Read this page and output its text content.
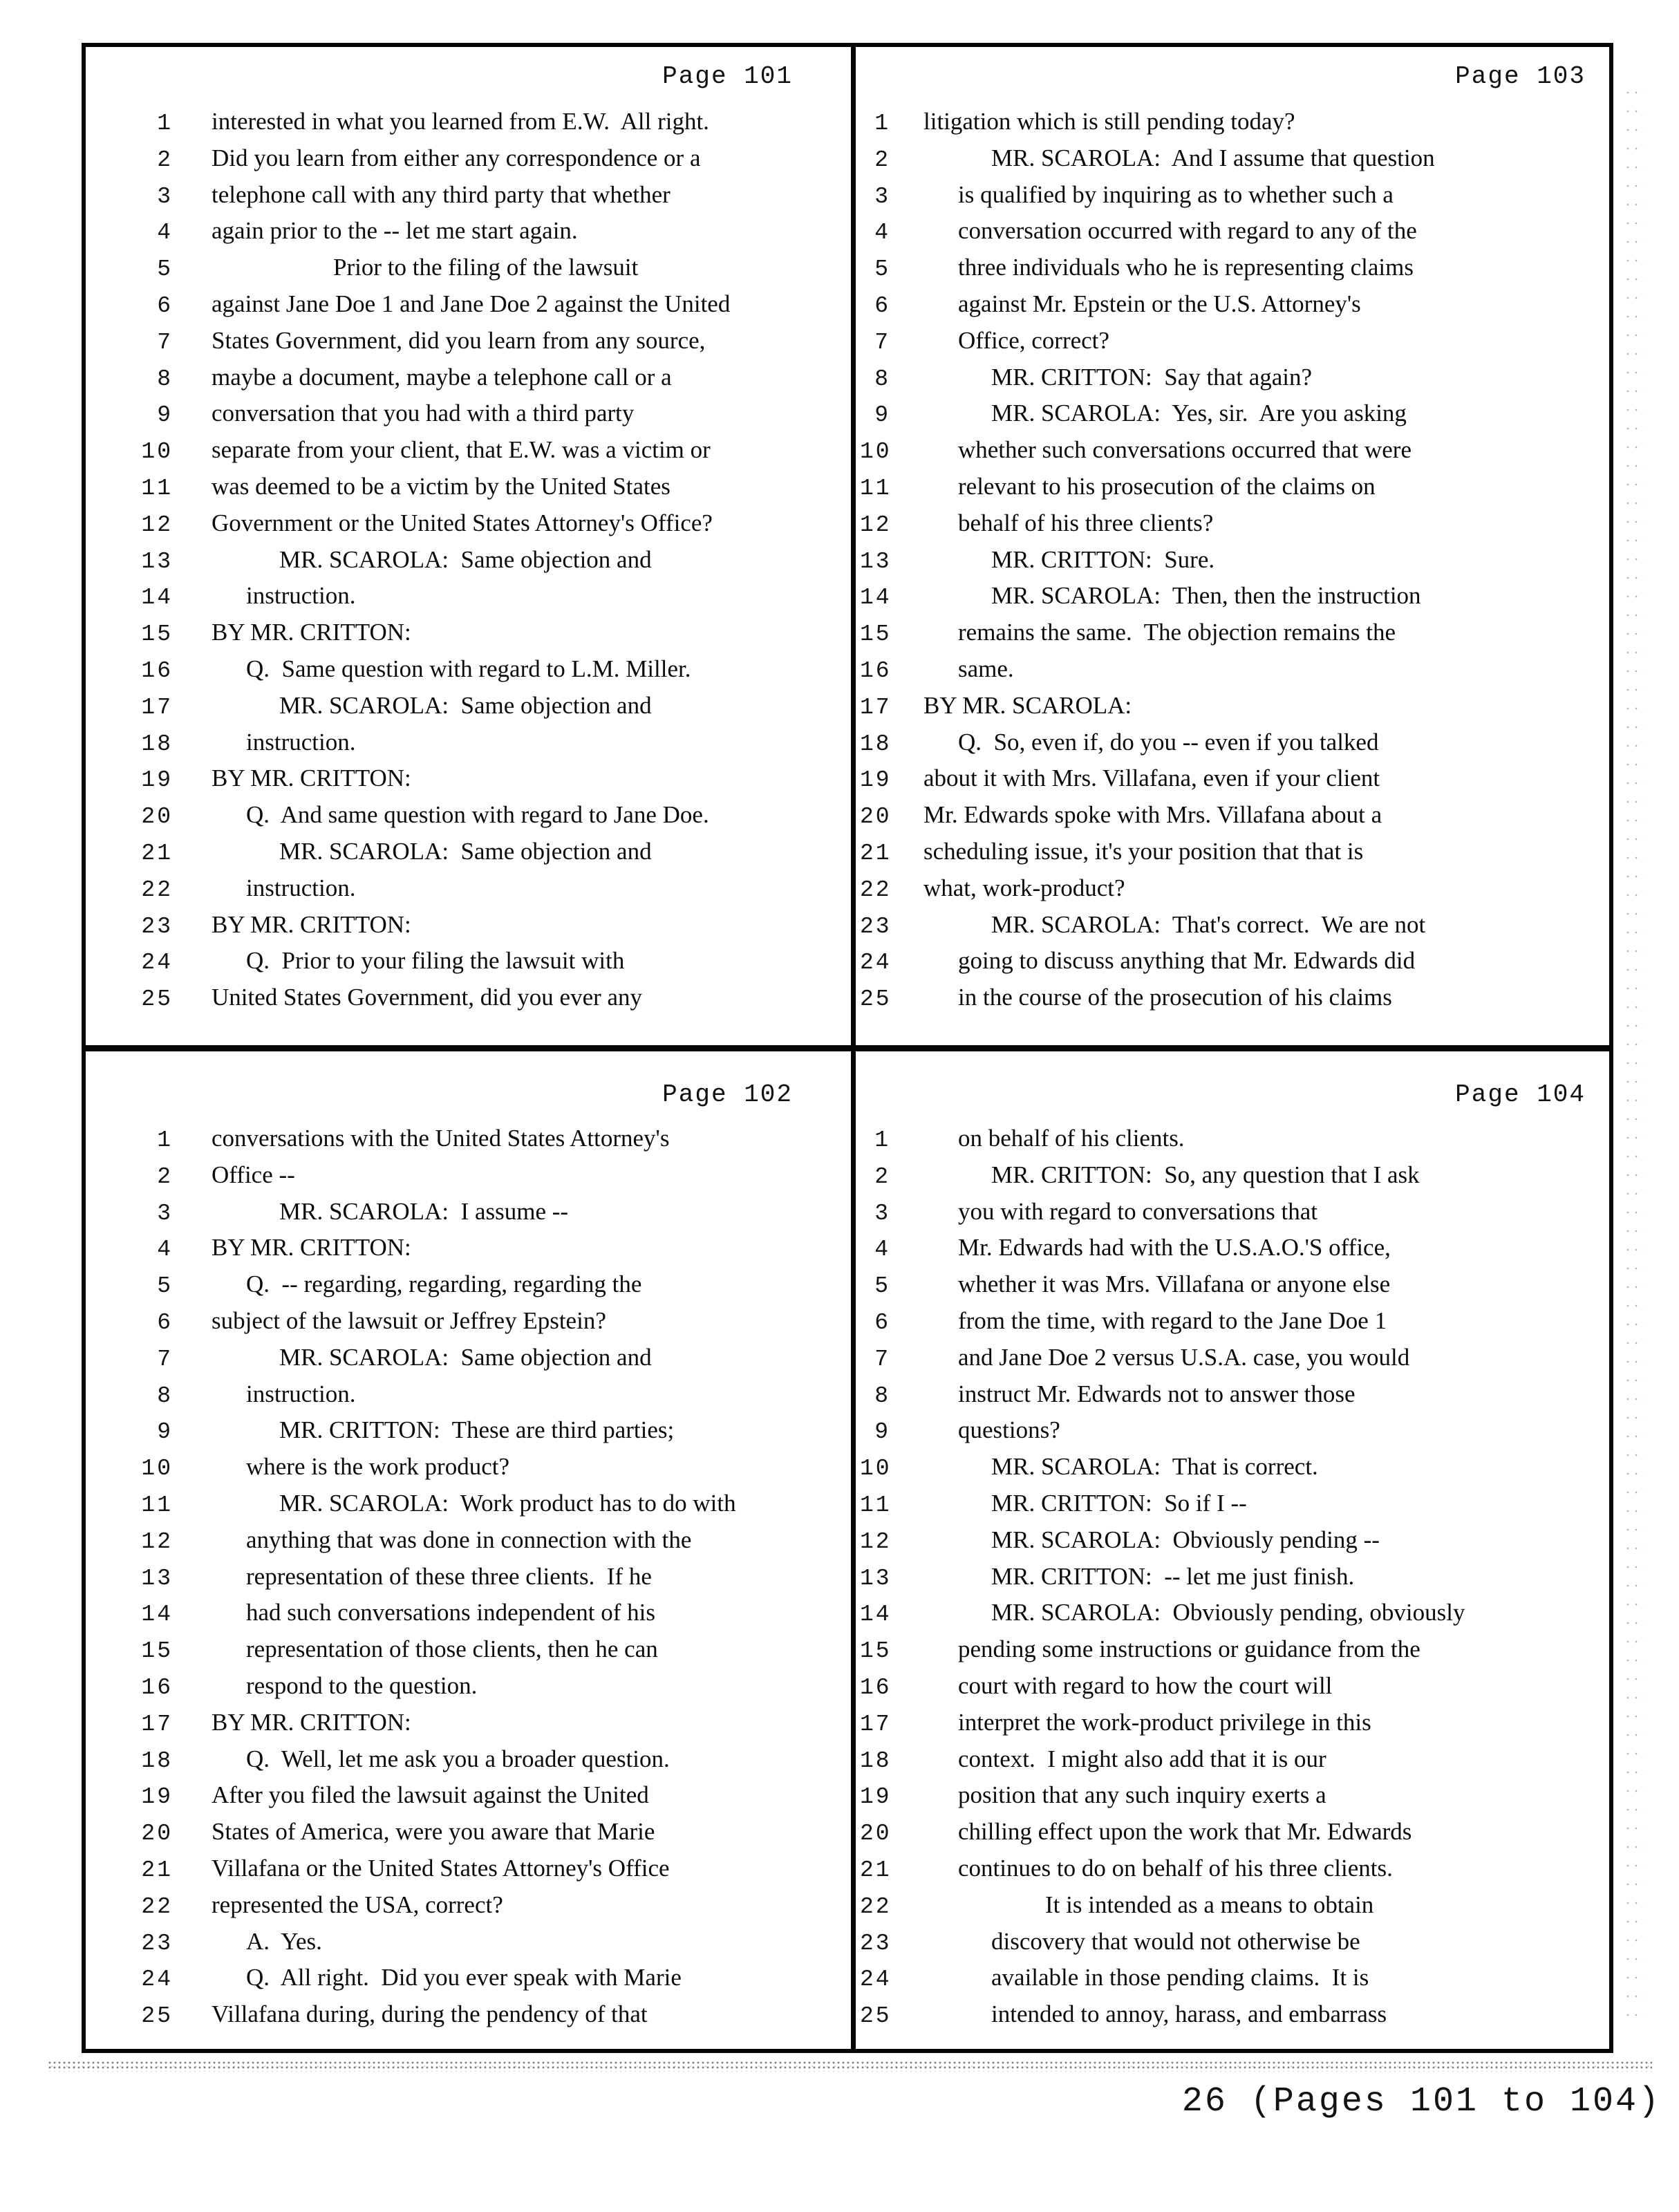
Page 101
1 interested in what you learned from E.W.  All right.
2 Did you learn from either any correspondence or a
3 telephone call with any third party that whether
4 again prior to the -- let me start again.
5	Prior to the filing of the lawsuit
6 against Jane Doe 1 and Jane Doe 2 against the United
7 States Government, did you learn from any source,
8 maybe a document, maybe a telephone call or a
9 conversation that you had with a third party
10 separate from your client, that E.W. was a victim or
11 was deemed to be a victim by the United States
12 Government or the United States Attorney's Office?
13	MR. SCAROLA:  Same objection and
14	instruction.
15 BY MR. CRITTON:
16	Q.  Same question with regard to L.M. Miller.
17	MR. SCAROLA:  Same objection and
18	instruction.
19 BY MR. CRITTON:
20	Q.  And same question with regard to Jane Doe.
21	MR. SCAROLA:  Same objection and
22	instruction.
23 BY MR. CRITTON:
24	Q.  Prior to your filing the lawsuit with
25 United States Government, did you ever any
Page 103
1 litigation which is still pending today?
2	MR. SCAROLA:  And I assume that question
3	is qualified by inquiring as to whether such a
4	conversation occurred with regard to any of the
5	three individuals who he is representing claims
6	against Mr. Epstein or the U.S. Attorney's
7	Office, correct?
8	MR. CRITTON:  Say that again?
9	MR. SCAROLA:  Yes, sir.  Are you asking
10	whether such conversations occurred that were
11	relevant to his prosecution of the claims on
12	behalf of his three clients?
13	MR. CRITTON:  Sure.
14	MR. SCAROLA:  Then, then the instruction
15	remains the same.  The objection remains the
16	same.
17 BY MR. SCAROLA:
18	Q.  So, even if, do you -- even if you talked
19 about it with Mrs. Villafana, even if your client
20 Mr. Edwards spoke with Mrs. Villafana about a
21 scheduling issue, it's your position that that is
22 what, work-product?
23	MR. SCAROLA:  That's correct.  We are not
24	going to discuss anything that Mr. Edwards did
25	in the course of the prosecution of his claims
Page 102
1 conversations with the United States Attorney's
2 Office --
3	MR. SCAROLA:  I assume --
4 BY MR. CRITTON:
5	Q.  -- regarding, regarding, regarding the
6 subject of the lawsuit or Jeffrey Epstein?
7	MR. SCAROLA:  Same objection and
8	instruction.
9	MR. CRITTON:  These are third parties;
10	where is the work product?
11	MR. SCAROLA:  Work product has to do with
12	anything that was done in connection with the
13	representation of these three clients.  If he
14	had such conversations independent of his
15	representation of those clients, then he can
16	respond to the question.
17 BY MR. CRITTON:
18	Q.  Well, let me ask you a broader question.
19 After you filed the lawsuit against the United
20 States of America, were you aware that Marie
21 Villafana or the United States Attorney's Office
22 represented the USA, correct?
23	A.  Yes.
24	Q.  All right.  Did you ever speak with Marie
25 Villafana during, during the pendency of that
Page 104
1	on behalf of his clients.
2	MR. CRITTON:  So, any question that I ask
3	you with regard to conversations that
4	Mr. Edwards had with the U.S.A.O.'S office,
5	whether it was Mrs. Villafana or anyone else
6	from the time, with regard to the Jane Doe 1
7	and Jane Doe 2 versus U.S.A. case, you would
8	instruct Mr. Edwards not to answer those
9	questions?
10	MR. SCAROLA:  That is correct.
11	MR. CRITTON:  So if I --
12	MR. SCAROLA:  Obviously pending --
13	MR. CRITTON:  -- let me just finish.
14	MR. SCAROLA:  Obviously pending, obviously
15	pending some instructions or guidance from the
16	court with regard to how the court will
17	interpret the work-product privilege in this
18	context.  I might also add that it is our
19	position that any such inquiry exerts a
20	chilling effect upon the work that Mr. Edwards
21	continues to do on behalf of his three clients.
22	It is intended as a means to obtain
23	discovery that would not otherwise be
24	available in those pending claims.  It is
25	intended to annoy, harass, and embarrass
26 (Pages 101 to 104)
